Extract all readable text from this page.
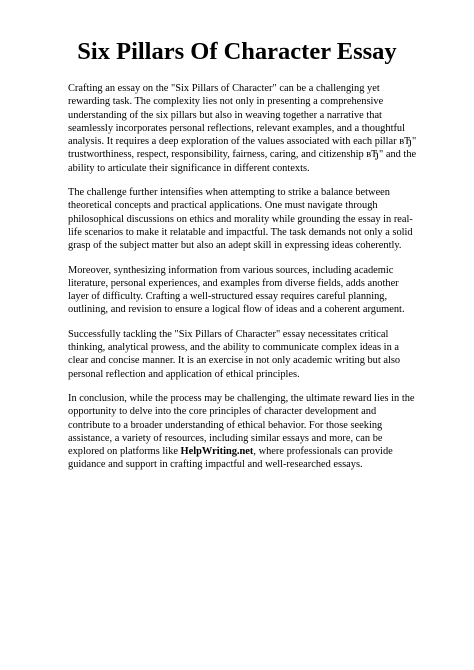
Six Pillars Of Character Essay

Crafting an essay on the "Six Pillars of Character" can be a challenging yet rewarding task. The complexity lies not only in presenting a comprehensive understanding of the six pillars but also in weaving together a narrative that seamlessly incorporates personal reflections, relevant examples, and a thoughtful analysis. It requires a deep exploration of the values associated with each pillar вЂ" trustworthiness, respect, responsibility, fairness, caring, and citizenship вЂ" and the ability to articulate their significance in different contexts.

The challenge further intensifies when attempting to strike a balance between theoretical concepts and practical applications. One must navigate through philosophical discussions on ethics and morality while grounding the essay in real-life scenarios to make it relatable and impactful. The task demands not only a solid grasp of the subject matter but also an adept skill in expressing ideas coherently.

Moreover, synthesizing information from various sources, including academic literature, personal experiences, and examples from diverse fields, adds another layer of difficulty. Crafting a well-structured essay requires careful planning, outlining, and revision to ensure a logical flow of ideas and a coherent argument.

Successfully tackling the "Six Pillars of Character" essay necessitates critical thinking, analytical prowess, and the ability to communicate complex ideas in a clear and concise manner. It is an exercise in not only academic writing but also personal reflection and application of ethical principles.

In conclusion, while the process may be challenging, the ultimate reward lies in the opportunity to delve into the core principles of character development and contribute to a broader understanding of ethical behavior. For those seeking assistance, a variety of resources, including similar essays and more, can be explored on platforms like HelpWriting.net, where professionals can provide guidance and support in crafting impactful and well-researched essays.
